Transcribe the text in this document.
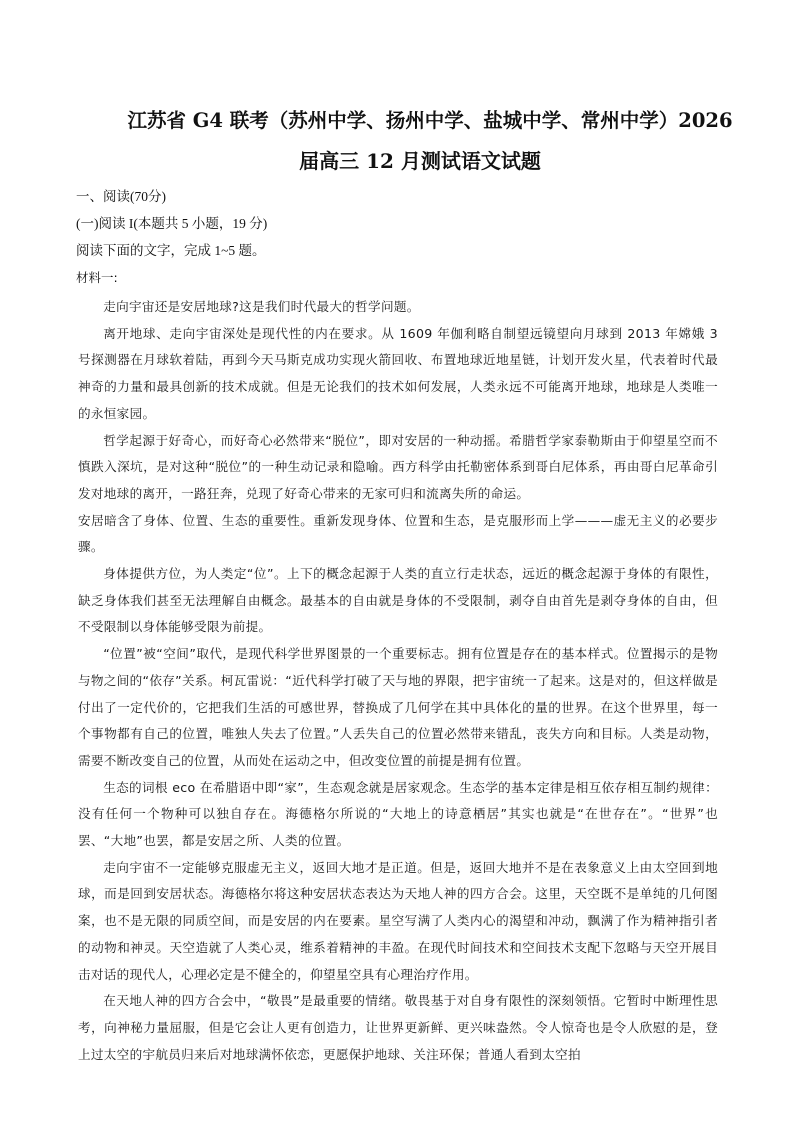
江苏省 G4 联考（苏州中学、扬州中学、盐城中学、常州中学）2026
届高三 12 月测试语文试题
一、阅读(70分)
(一)阅读 I(本题共 5 小题，19 分)
阅读下面的文字，完成 1~5 题。
材料一:

走向宇宙还是安居地球?这是我们时代最大的哲学问题。

离开地球、走向宇宙深处是现代性的内在要求。从 1609 年伽利略自制望远镜望向月球到 2013 年嫦娥 3 号探测器在月球软着陆，再到今天马斯克成功实现火箭回收、布置地球近地星链，计划开发火星，代表着时代最神奇的力量和最具创新的技术成就。但是无论我们的技术如何发展，人类永远不可能离开地球，地球是人类唯一的永恒家园。

哲学起源于好奇心，而好奇心必然带来“脱位”，即对安居的一种动摇。希腊哲学家泰勒斯由于仰望星空而不慎跌入深坑，是对这种“脱位”的一种生动记录和隐喻。西方科学由托勒密体系到哥白尼体系，再由哥白尼革命引发对地球的离开，一路狂奔，兑现了好奇心带来的无家可归和流离失所的命运。

安居暗含了身体、位置、生态的重要性。重新发现身体、位置和生态，是克服形而上学———虚无主义的必要步骤。

身体提供方位，为人类定“位”。上下的概念起源于人类的直立行走状态，远近的概念起源于身体的有限性，缺乏身体我们甚至无法理解自由概念。最基本的自由就是身体的不受限制，剥夺自由首先是剥夺身体的自由，但不受限制以身体能够受限为前提。

“位置”被“空间”取代，是现代科学世界图景的一个重要标志。拥有位置是存在的基本样式。位置揭示的是物与物之间的“依存”关系。柯瓦雷说：“近代科学打破了天与地的界限，把宇宙统一了起来。这是对的，但这样做是付出了一定代价的，它把我们生活的可感世界，替换成了几何学在其中具体化的量的世界。在这个世界里，每一个事物都有自己的位置，唯独人失去了位置。”人丢失自己的位置必然带来错乱，丧失方向和目标。人类是动物，需要不断改变自己的位置，从而处在运动之中，但改变位置的前提是拥有位置。

生态的词根 eco 在希腊语中即“家”，生态观念就是居家观念。生态学的基本定律是相互依存相互制约规律：没有任何一个物种可以独自存在。海德格尔所说的“大地上的诗意栖居”其实也就是“在世存在”。“世界”也罢、“大地”也罢，都是安居之所、人类的位置。

走向宇宙不一定能够克服虚无主义，返回大地才是正道。但是，返回大地并不是在表象意义上由太空回到地球，而是回到安居状态。海德格尔将这种安居状态表达为天地人神的四方合会。这里，天空既不是单纯的几何图案，也不是无限的同质空间，而是安居的内在要素。星空写满了人类内心的渴望和冲动，飘满了作为精神指引者的动物和神灵。天空造就了人类心灵，维系着精神的丰盈。在现代时间技术和空间技术支配下忽略与天空开展目击对话的现代人，心理必定是不健全的，仰望星空具有心理治疗作用。

在天地人神的四方合会中，“敬畏”是最重要的情绪。敬畏基于对自身有限性的深刻领悟。它暂时中断理性思考，向神秘力量屈服，但是它会让人更有创造力，让世界更新鲜、更兴味盎然。令人惊奇也是令人欣慰的是，登上过太空的宇航员归来后对地球满怀依恋，更愿保护地球、关注环保；普通人看到太空拍
